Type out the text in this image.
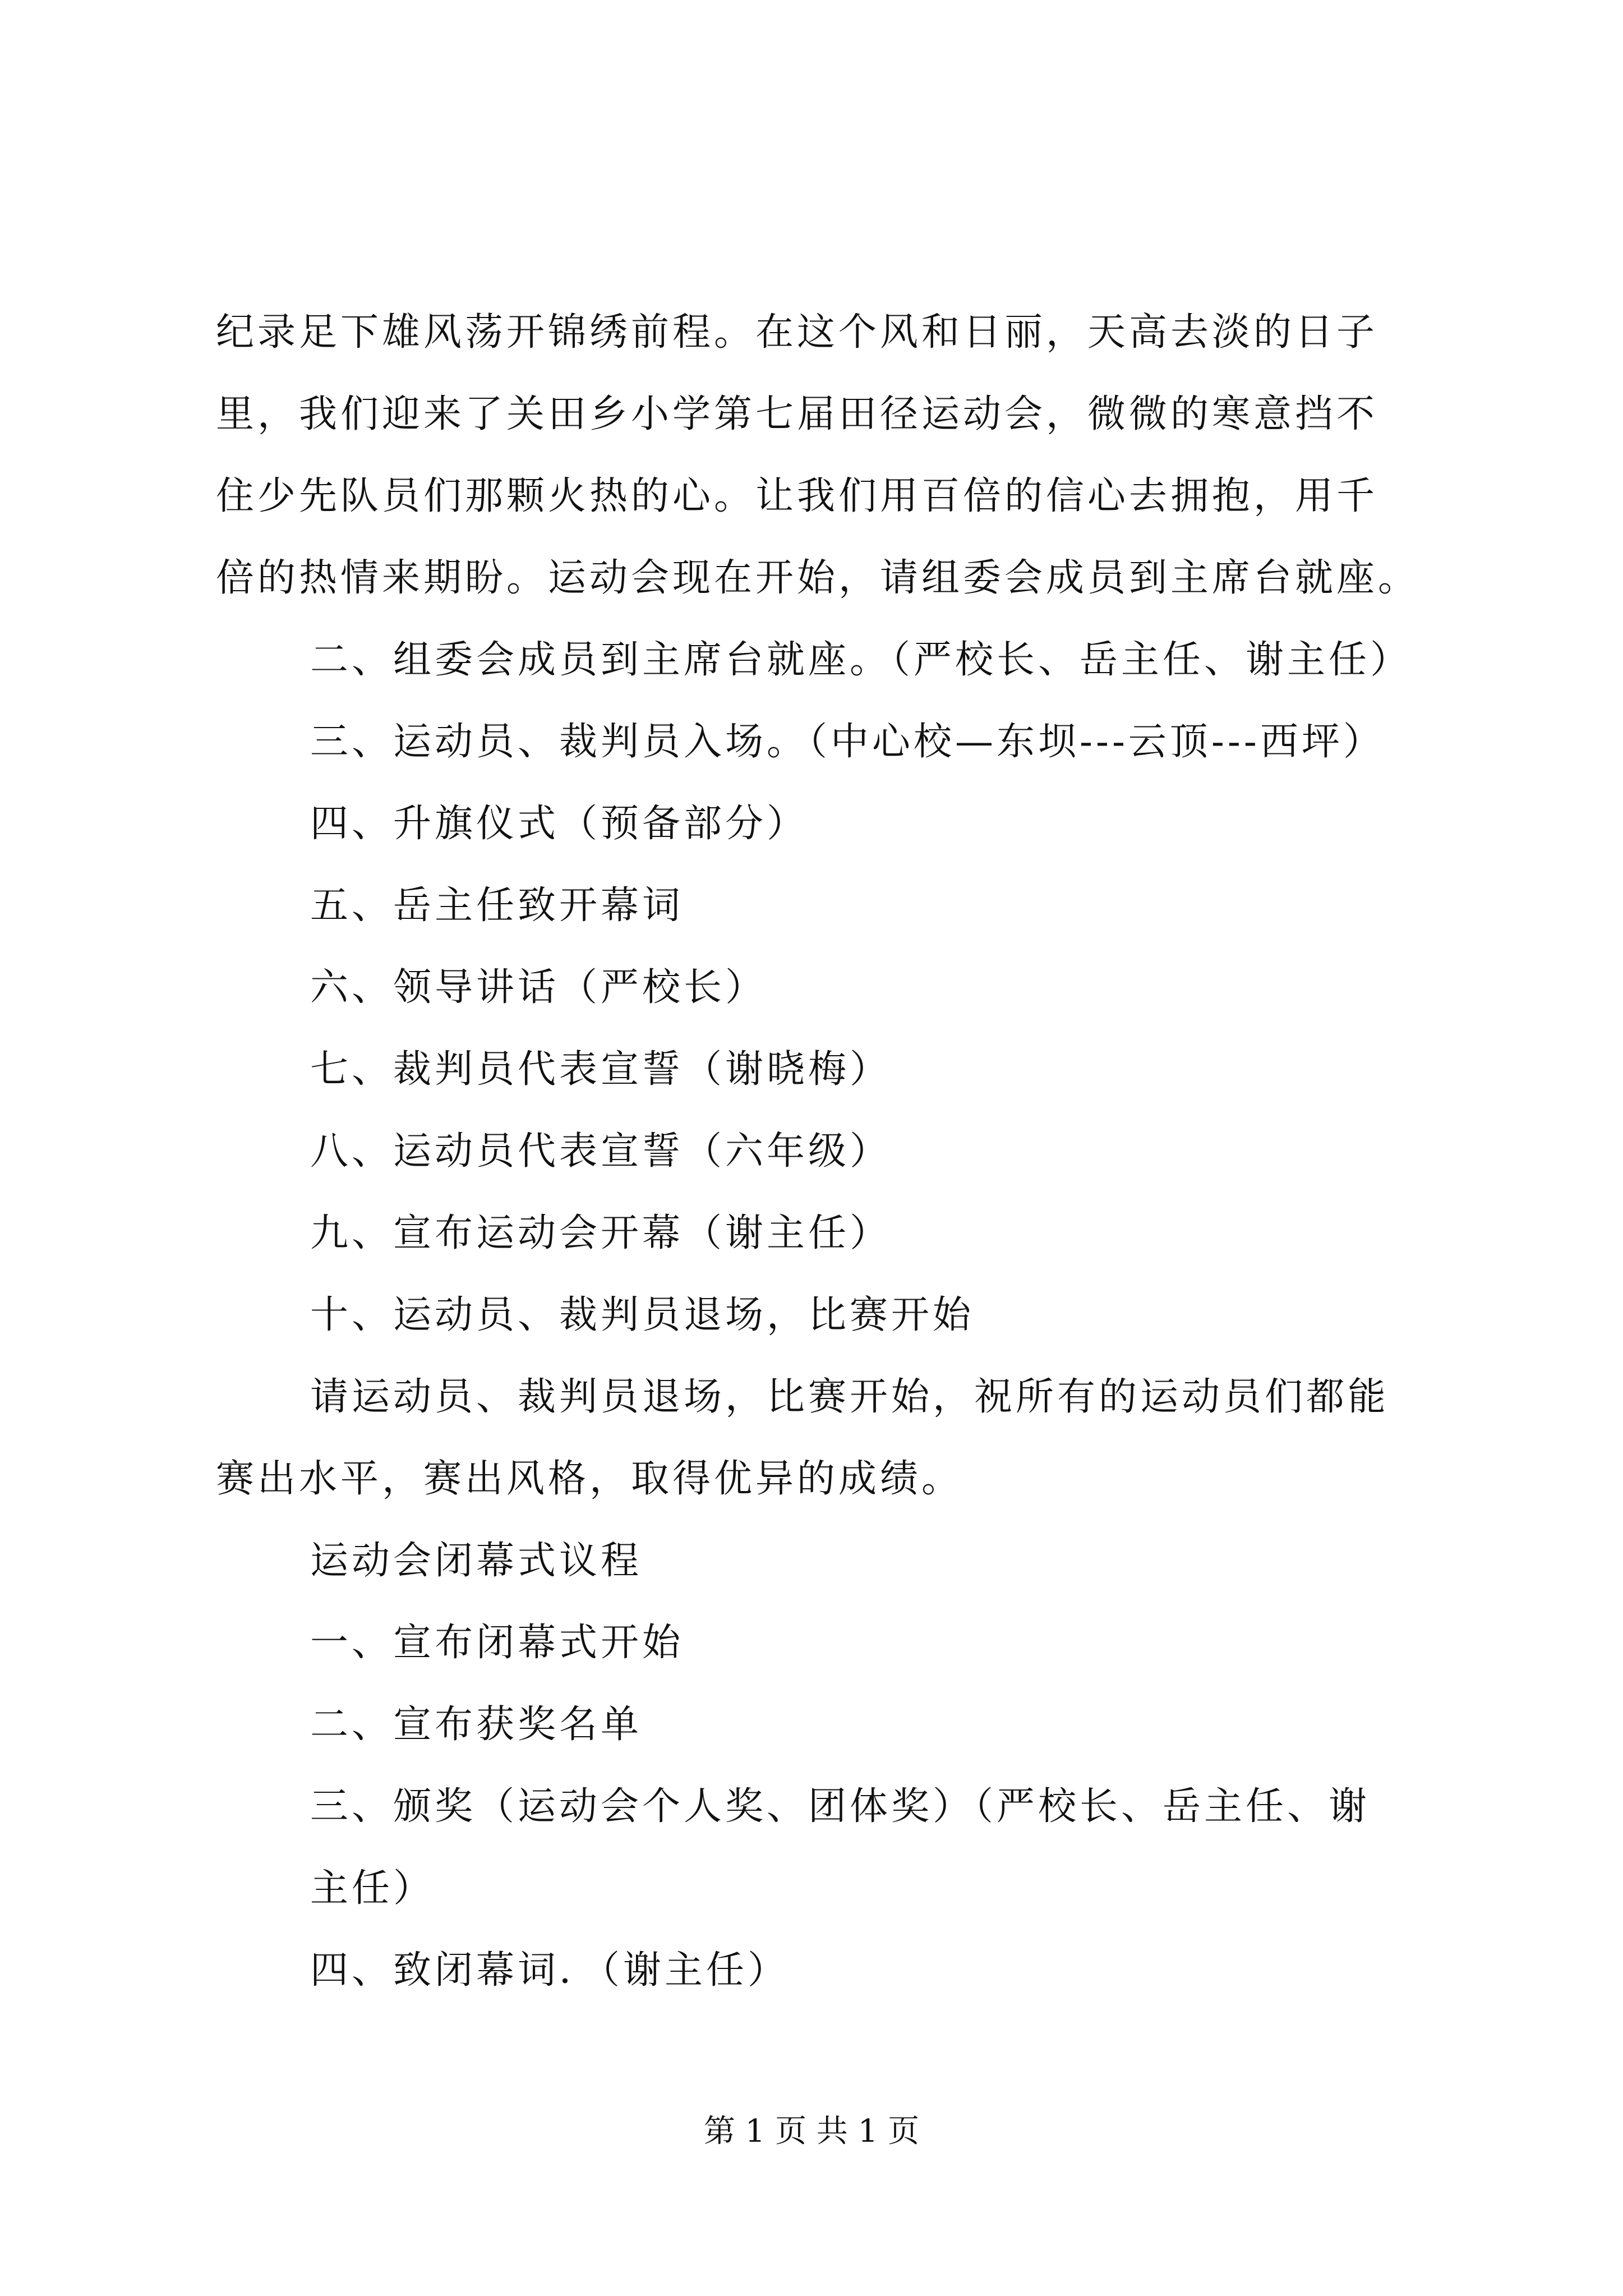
纪录足下雄风荡开锦绣前程。在这个风和日丽，天高去淡的日子
里，我们迎来了关田乡小学第七届田径运动会，微微的寒意挡不
住少先队员们那颗火热的心。让我们用百倍的信心去拥抱，用千
倍的热情来期盼。运动会现在开始，请组委会成员到主席台就座。
二、组委会成员到主席台就座。（严校长、岳主任、谢主任）
三、运动员、裁判员入场。（中心校—东坝---云顶---西坪）
四、升旗仪式（预备部分）
五、岳主任致开幕词
六、领导讲话（严校长）
七、裁判员代表宣誓（谢晓梅）
八、运动员代表宣誓（六年级）
九、宣布运动会开幕（谢主任）
十、运动员、裁判员退场，比赛开始
请运动员、裁判员退场，比赛开始，祝所有的运动员们都能
赛出水平，赛出风格，取得优异的成绩。
运动会闭幕式议程
一、宣布闭幕式开始
二、宣布获奖名单
三、颁奖（运动会个人奖、团体奖）（严校长、岳主任、谢
主任）
四、致闭幕词．（谢主任）
第 1 页 共 1 页
